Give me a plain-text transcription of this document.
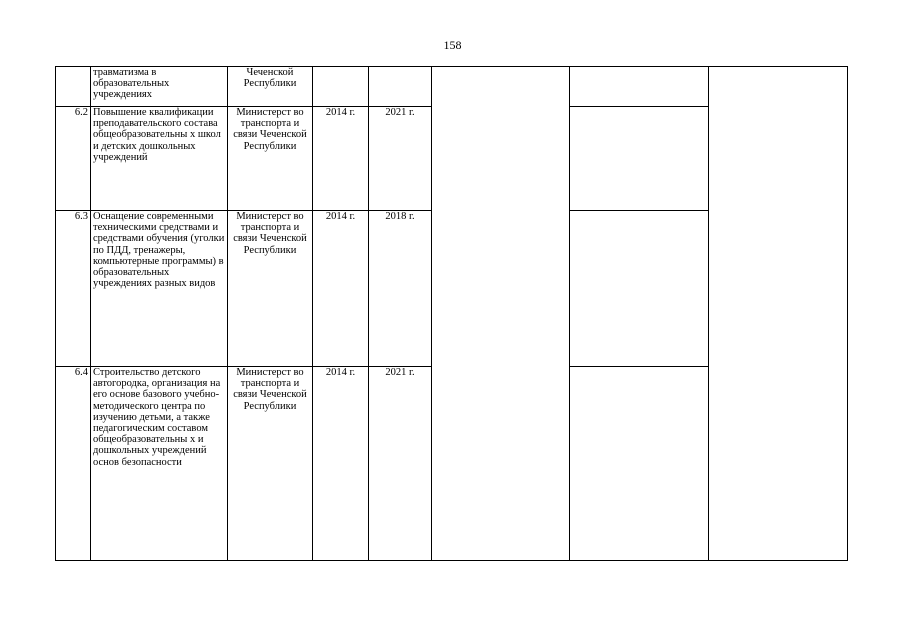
158
	травматизма в образовательных учреждениях	Чеченской Республики					
6.2	Повышение квалификации преподавательского состава общеобразовательны х школ и детских дошкольных учреждений	Министерст во транспорта и связи Чеченской Республики	2014 г.	2021 г.			
6.3	Оснащение современными техническими средствами и средствами обучения (уголки по ПДД, тренажеры, компьютерные программы) в образовательных учреждениях разных видов	Министерст во транспорта и связи Чеченской Республики	2014 г.	2018 г.			
6.4	Строительство детского автогородка, организация на его основе базового учебно- методического центра по изучению детьми, а также педагогическим составом общеобразовательны х и дошкольных учреждений основ безопасности	Министерст во транспорта и связи Чеченской Республики	2014 г.	2021 г.			
